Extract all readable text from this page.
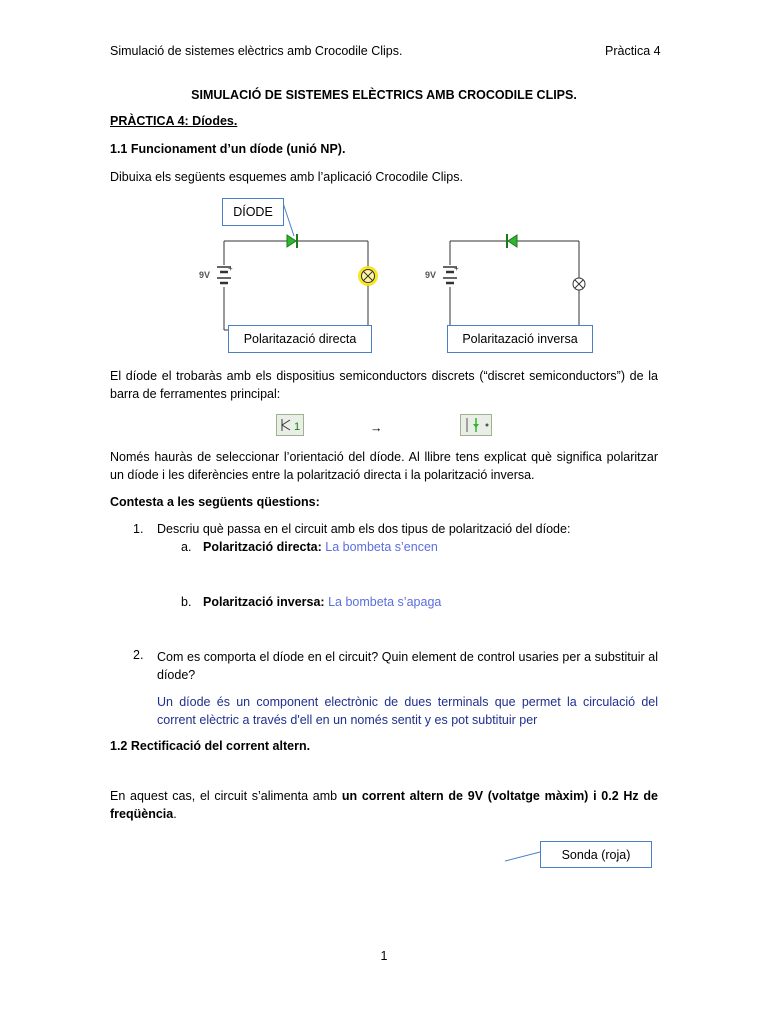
Simulació de sistemes elèctrics amb Crocodile Clips.	Pràctica 4
SIMULACIÓ DE SISTEMES ELÈCTRICS AMB CROCODILE CLIPS.
PRÀCTICA 4: Díodes.
1.1 Funcionament d’un díode (unió NP).
Dibuixa els següents esquemes amb l’aplicació Crocodile Clips.
+	+
DÍODE
9V	9V
Polaritazació directa	Polaritazació inversa
El díode el trobaràs amb els dispositius semiconductors discrets (“discret semiconductors”) de la barra de ferramentes principal:
1	→
Només hauràs de seleccionar l’orientació del díode. Al llibre tens explicat què significa polaritzar un díode i les diferències entre la polarització directa i la polarització inversa.
Contesta a les següents qüestions:
1. Descriu què passa en el circuit amb els dos tipus de polarització del díode:
a. Polarització directa: La bombeta s’encen
b. Polarització inversa: La bombeta s’apaga
2. Com es comporta el díode en el circuit? Quin element de control usaries per a substituir al díode?
Un díode és un component electrònic de dues terminals que permet la circulació del corrent elèctric a través d'ell en un només sentit y es pot subtituir per
1.2 Rectificació del corrent altern.
En aquest cas, el circuit s’alimenta amb un corrent altern de 9V (voltatge màxim) i 0.2 Hz de freqüència.
Sonda (roja)
1
